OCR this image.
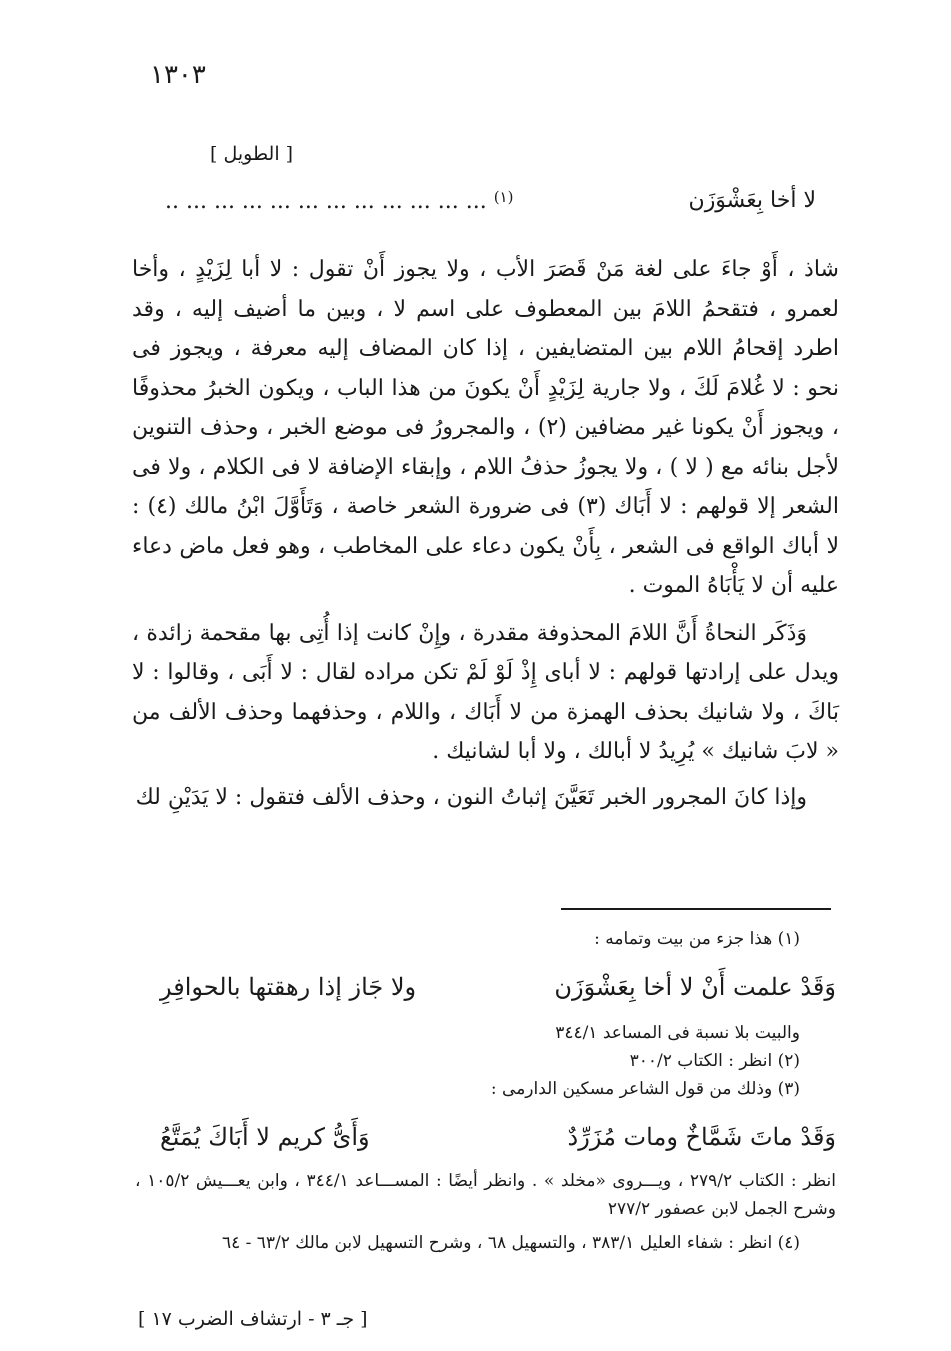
١٣٠٣
[ الطويل ]
لا أخا بِعَشْوَزَن
.. ... ... ... ... ... ... ... ... ... ... ... $^{(١)}$

شاذ ، أَوْ جاءَ على لغة مَنْ قَصَرَ الأب ، ولا يجوز أَنْ تقول : لا أبا لِزَيْدٍ ، وأخا لعمرو ، فتقحمُ اللامَ بين المعطوف على اسم لا ، وبين ما أضيف إليه ، وقد اطرد إقحامُ اللام بين المتضايفين ، إذا كان المضاف إليه معرفة ، ويجوز فى نحو : لا غُلامَ لَكَ ، ولا جارية لِزَيْدٍ أَنْ يكونَ من هذا الباب ، ويكون الخبرُ محذوفًا ، ويجوز أَنْ يكونا غير مضافين (٢) ، والمجرورُ فى موضع الخبر ، وحذف التنوين لأجل بنائه مع ( لا ) ، ولا يجوزُ حذفُ اللام ، وإبقاء الإضافة لا فى الكلام ، ولا فى الشعر إلا قولهم : لا أَبَاك (٣) فى ضرورة الشعر خاصة ، وَتَأَوَّلَ ابْنُ مالك (٤) : لا أباك الواقع فى الشعر ، بِأَنْ يكون دعاء على المخاطب ، وهو فعل ماض دعاء عليه أن لا يَأْبَاهُ الموت .

وَذَكَر النحاةُ أَنَّ اللامَ المحذوفة مقدرة ، وإِنْ كانت إذا أُتِى بها مقحمة زائدة ، ويدل على إرادتها قولهم : لا أباى إِذْ لَوْ لَمْ تكن مراده لقال : لا أَبَى ، وقالوا : لا بَاكَ ، ولا شانيك بحذف الهمزة من لا أَبَاك ، واللام ، وحذفهما وحذف الألف من « لابَ شانيك » يُرِيدُ لا أبالك ، ولا أبا لشانيك .

وإذا كانَ المجرور الخبر تَعَيَّنَ إثباتُ النون ، وحذف الألف فتقول : لا يَدَيْنِ لك

(١) هذا جزء من بيت وتمامه :

وَقَدْ علمت أَنْ لا أخا بِعَشْوَزَن
ولا جَاز إذا رهقتها بالحوافِرِ

والبيت بلا نسبة فى المساعد ٣٤٤/١

(٢) انظر : الكتاب ٣٠٠/٢

(٣) وذلك من قول الشاعر مسكين الدارمى :

وَقَدْ ماتَ شَمَّاخٌ ومات مُزَرِّدٌ
وَأَىُّ كريم لا أَبَاكَ يُمَتَّعُ

انظر : الكتاب ٢٧٩/٢ ، ويـــروى «مخلد » . وانظر أيضًا : المســـاعد ٣٤٤/١ ، وابن يعـــيش ١٠٥/٢ ، وشرح الجمل لابن عصفور ٢٧٧/٢

(٤) انظر : شفاء العليل ٣٨٣/١ ، والتسهيل ٦٨ ، وشرح التسهيل لابن مالك ٦٣/٢ - ٦٤

[ جـ ٣ - ارتشاف الضرب ١٧ ]
